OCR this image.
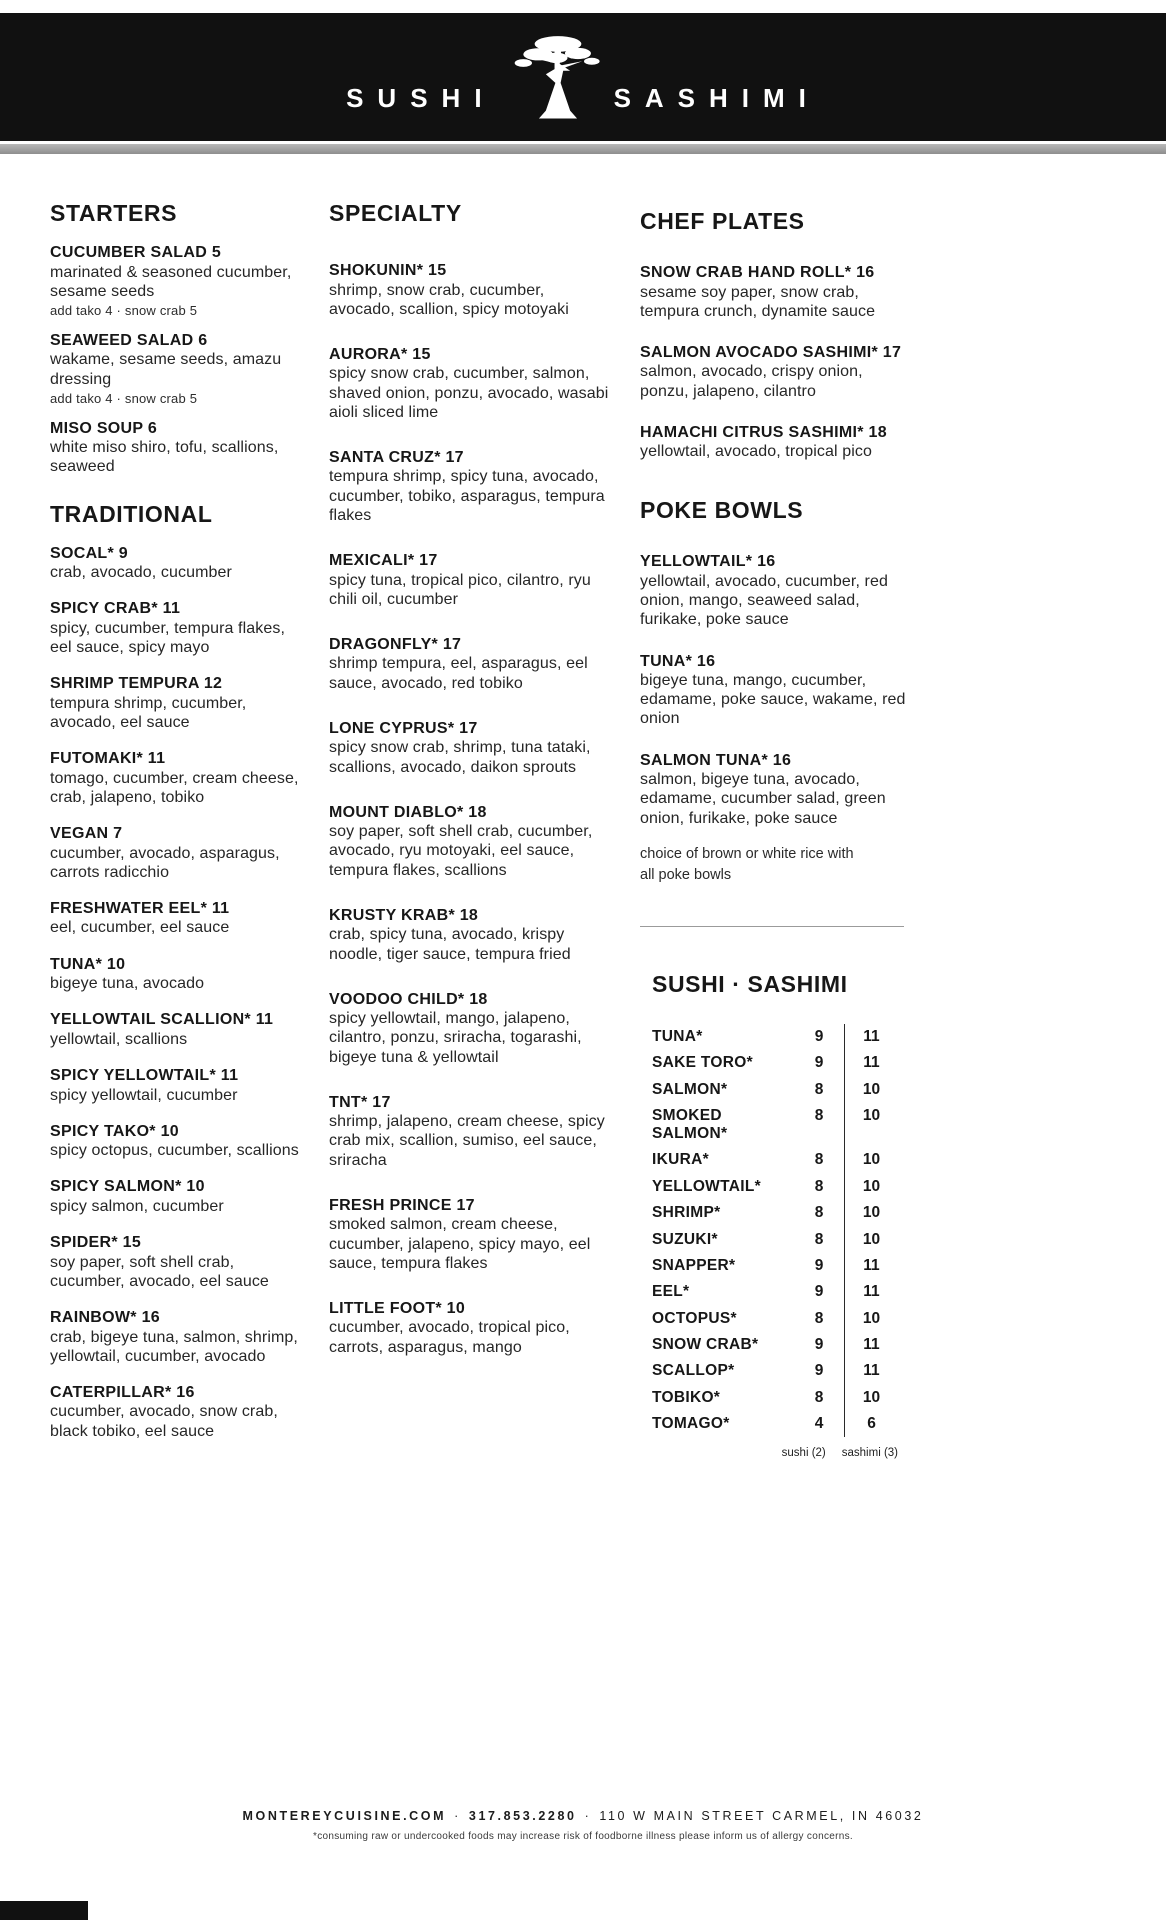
SUSHI	SASHIMI
STARTERS
CUCUMBER SALAD 5
marinated & seasoned cucumber, sesame seeds
add tako 4 · snow crab 5
SEAWEED SALAD 6
wakame, sesame seeds, amazu dressing
add tako 4 · snow crab 5
MISO SOUP 6
white miso shiro, tofu, scallions, seaweed
TRADITIONAL
SOCAL* 9
crab, avocado, cucumber
SPICY CRAB* 11
spicy, cucumber, tempura flakes, eel sauce, spicy mayo
SHRIMP TEMPURA 12
tempura shrimp, cucumber, avocado, eel sauce
FUTOMAKI* 11
tomago, cucumber, cream cheese, crab, jalapeno, tobiko
VEGAN 7
cucumber, avocado, asparagus, carrots radicchio
FRESHWATER EEL* 11
eel, cucumber, eel sauce
TUNA* 10
bigeye tuna, avocado
YELLOWTAIL SCALLION* 11
yellowtail, scallions
SPICY YELLOWTAIL* 11
spicy yellowtail, cucumber
SPICY TAKO* 10
spicy octopus, cucumber, scallions
SPICY SALMON* 10
spicy salmon, cucumber
SPIDER* 15
soy paper, soft shell crab, cucumber, avocado, eel sauce
RAINBOW* 16
crab, bigeye tuna, salmon, shrimp, yellowtail, cucumber, avocado
CATERPILLAR* 16
cucumber, avocado, snow crab, black tobiko, eel sauce
SPECIALTY
SHOKUNIN* 15
shrimp, snow crab, cucumber, avocado, scallion, spicy motoyaki
AURORA* 15
spicy snow crab, cucumber, salmon, shaved onion, ponzu, avocado, wasabi aioli sliced lime
SANTA CRUZ* 17
tempura shrimp, spicy tuna, avocado, cucumber, tobiko, asparagus, tempura flakes
MEXICALI* 17
spicy tuna, tropical pico, cilantro, ryu chili oil, cucumber
DRAGONFLY* 17
shrimp tempura, eel, asparagus, eel sauce, avocado, red tobiko
LONE CYPRUS* 17
spicy snow crab, shrimp, tuna tataki, scallions, avocado, daikon sprouts
MOUNT DIABLO* 18
soy paper, soft shell crab, cucumber, avocado, ryu motoyaki, eel sauce, tempura flakes, scallions
KRUSTY KRAB* 18
crab, spicy tuna, avocado, krispy noodle, tiger sauce, tempura fried
VOODOO CHILD* 18
spicy yellowtail, mango, jalapeno, cilantro, ponzu, sriracha, togarashi, bigeye tuna & yellowtail
TNT* 17
shrimp, jalapeno, cream cheese, spicy crab mix, scallion, sumiso, eel sauce, sriracha
FRESH PRINCE 17
smoked salmon, cream cheese, cucumber, jalapeno, spicy mayo, eel sauce, tempura flakes
LITTLE FOOT* 10
cucumber, avocado, tropical pico, carrots, asparagus, mango
CHEF PLATES
SNOW CRAB HAND ROLL* 16
sesame soy paper, snow crab, tempura crunch, dynamite sauce
SALMON AVOCADO SASHIMI* 17
salmon, avocado, crispy onion, ponzu, jalapeno, cilantro
HAMACHI CITRUS SASHIMI* 18
yellowtail, avocado, tropical pico
POKE BOWLS
YELLOWTAIL* 16
yellowtail, avocado, cucumber, red onion, mango, seaweed salad, furikake, poke sauce
TUNA* 16
bigeye tuna, mango, cucumber, edamame, poke sauce, wakame, red onion
SALMON TUNA* 16
salmon, bigeye tuna, avocado, edamame, cucumber salad, green onion, furikake, poke sauce
choice of brown or white rice with all poke bowls
SUSHI · SASHIMI
TUNA*	9	11
SAKE TORO*	9	11
SALMON*	8	10
SMOKED SALMON*
8	10
IKURA*	8	10
YELLOWTAIL*	8	10
SHRIMP*	8	10
SUZUKI*	8	10
SNAPPER*	9	11
EEL*	9	11
OCTOPUS*	8	10
SNOW CRAB*	9	11
SCALLOP*	9	11
TOBIKO*	8	10
TOMAGO*	4	6
sushi (2) sashimi (3)
MONTEREYCUISINE.COM · 317.853.2280 · 110 W MAIN STREET CARMEL, IN 46032
*consuming raw or undercooked foods may increase risk of foodborne illness please inform us of allergy concerns.
